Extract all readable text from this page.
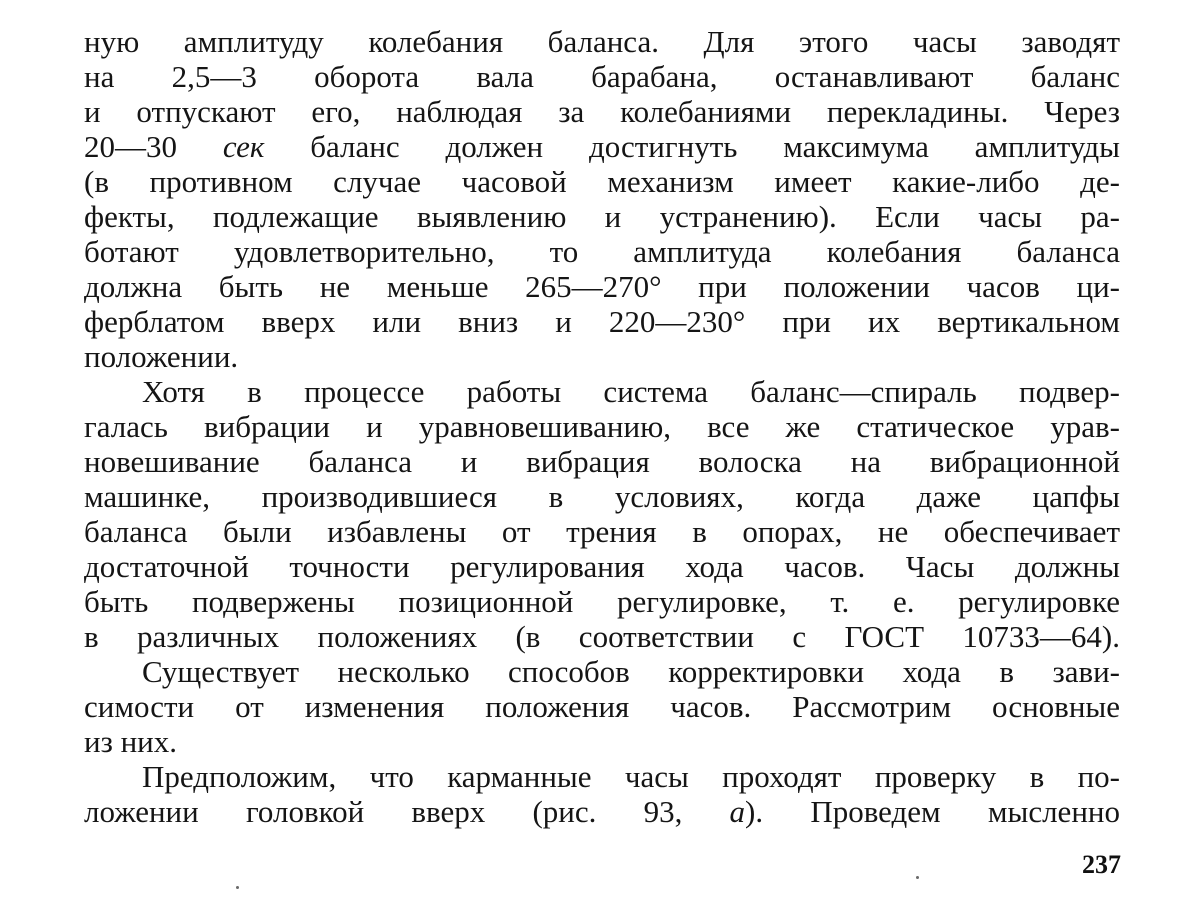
ную амплитуду колебания баланса. Для этого часы заводят
на 2,5—3 оборота вала барабана, останавливают баланс
и отпускают его, наблюдая за колебаниями перекладины. Через
20—30 сек баланс должен достигнуть максимума амплитуды
(в противном случае часовой механизм имеет какие-либо де-
фекты, подлежащие выявлению и устранению). Если часы ра-
ботают удовлетворительно, то амплитуда колебания баланса
должна быть не меньше 265—270° при положении часов ци-
ферблатом вверх или вниз и 220—230° при их вертикальном
положении.
Хотя в процессе работы система баланс—спираль подвер-
галась вибрации и уравновешиванию, все же статическое урав-
новешивание баланса и вибрация волоска на вибрационной
машинке, производившиеся в условиях, когда даже цапфы
баланса были избавлены от трения в опорах, не обеспечивает
достаточной точности регулирования хода часов. Часы должны
быть подвержены позиционной регулировке, т. е. регулировке
в различных положениях (в соответствии с ГОСТ 10733—64).
Существует несколько способов корректировки хода в зави-
симости от изменения положения часов. Рассмотрим основные
из них.
Предположим, что карманные часы проходят проверку в по-
ложении головкой вверх (рис. 93, а). Проведем мысленно
237
